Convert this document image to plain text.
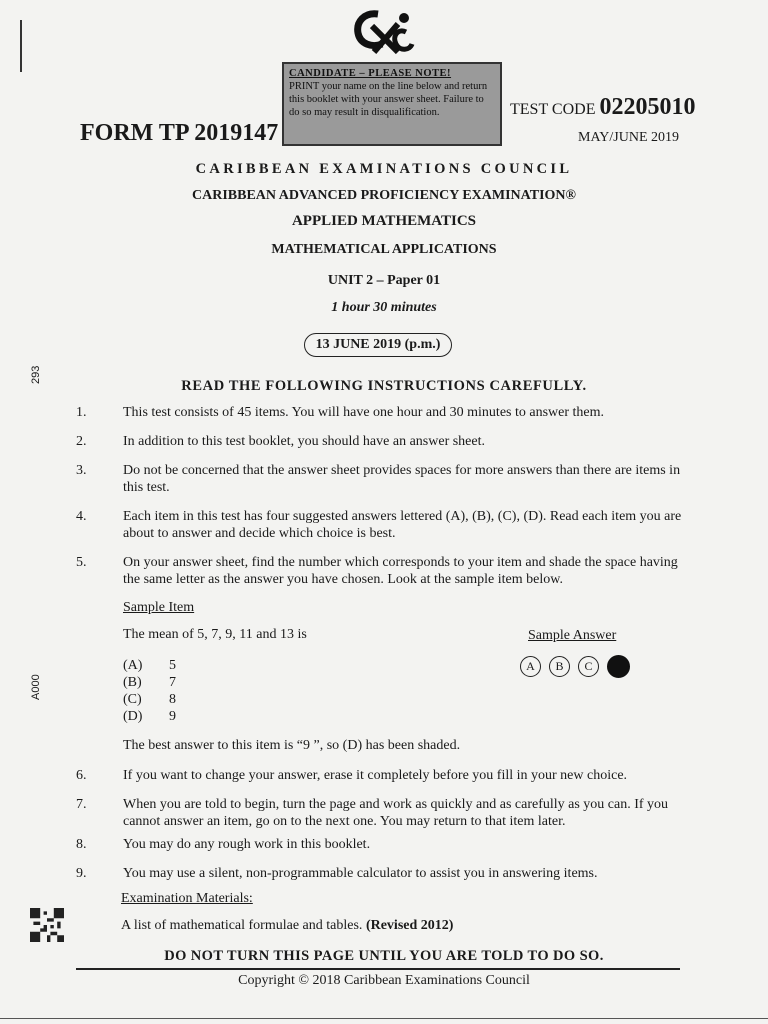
CANDIDATE – PLEASE NOTE!
PRINT your name on the line below and return this booklet with your answer sheet. Failure to do so may result in disqualification.
FORM TP 2019147
TEST CODE 02205010
MAY/JUNE 2019
CARIBBEAN EXAMINATIONS COUNCIL
CARIBBEAN ADVANCED PROFICIENCY EXAMINATION®
APPLIED MATHEMATICS
MATHEMATICAL APPLICATIONS
UNIT 2 – Paper 01
1 hour 30 minutes
13 JUNE 2019 (p.m.)
READ THE FOLLOWING INSTRUCTIONS CAREFULLY.
1.	This test consists of 45 items. You will have one hour and 30 minutes to answer them.
2.	In addition to this test booklet, you should have an answer sheet.
3.	Do not be concerned that the answer sheet provides spaces for more answers than there are items in this test.
4.	Each item in this test has four suggested answers lettered (A), (B), (C), (D). Read each item you are about to answer and decide which choice is best.
5.	On your answer sheet, find the number which corresponds to your item and shade the space having the same letter as the answer you have chosen. Look at the sample item below.
Sample Item
The mean of 5, 7, 9, 11 and 13 is	Sample Answer
(A) 5
(B) 7
(C) 8
(D) 9
A B C
The best answer to this item is “9 ”, so (D) has been shaded.
6.	If you want to change your answer, erase it completely before you fill in your new choice.
7.	When you are told to begin, turn the page and work as quickly and as carefully as you can. If you cannot answer an item, go on to the next one. You may return to that item later.
8.	You may do any rough work in this booklet.
9.	You may use a silent, non-programmable calculator to assist you in answering items.
Examination Materials:
A list of mathematical formulae and tables. (Revised 2012)
DO NOT TURN THIS PAGE UNTIL YOU ARE TOLD TO DO SO.
Copyright © 2018 Caribbean Examinations Council
293
A000
